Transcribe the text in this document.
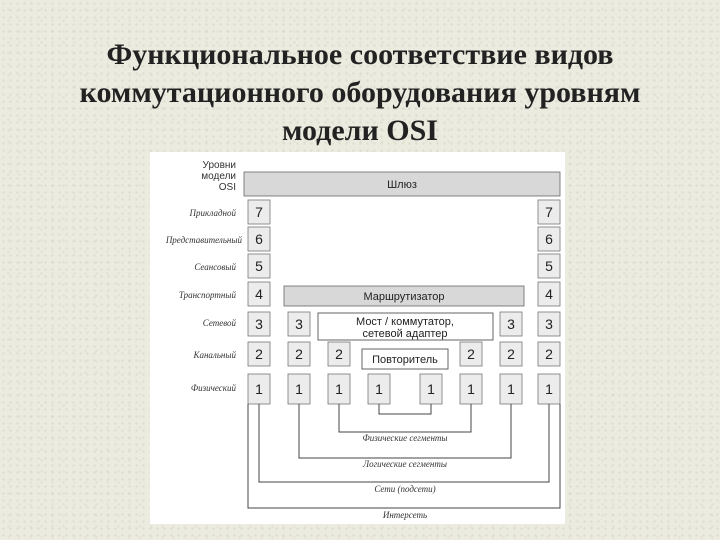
Функциональное соответствие видов
коммутационного оборудования уровням
модели OSI
Уровни
модели
OSI
Прикладной
Представительный
Сеансовый
Транспортный
Сетевой
Канальный
Физический
Шлюз
7
6
5
4
3
2
1
7
6
5
4
3
2
1
Маршрутизатор
3
2
1
3
2
1
Мост / коммутатор,
сетевой адаптер
2
1
2
1
Повторитель
1	1
Физические сегменты
Логические сегменты
Сети (подсети)
Интерсеть
